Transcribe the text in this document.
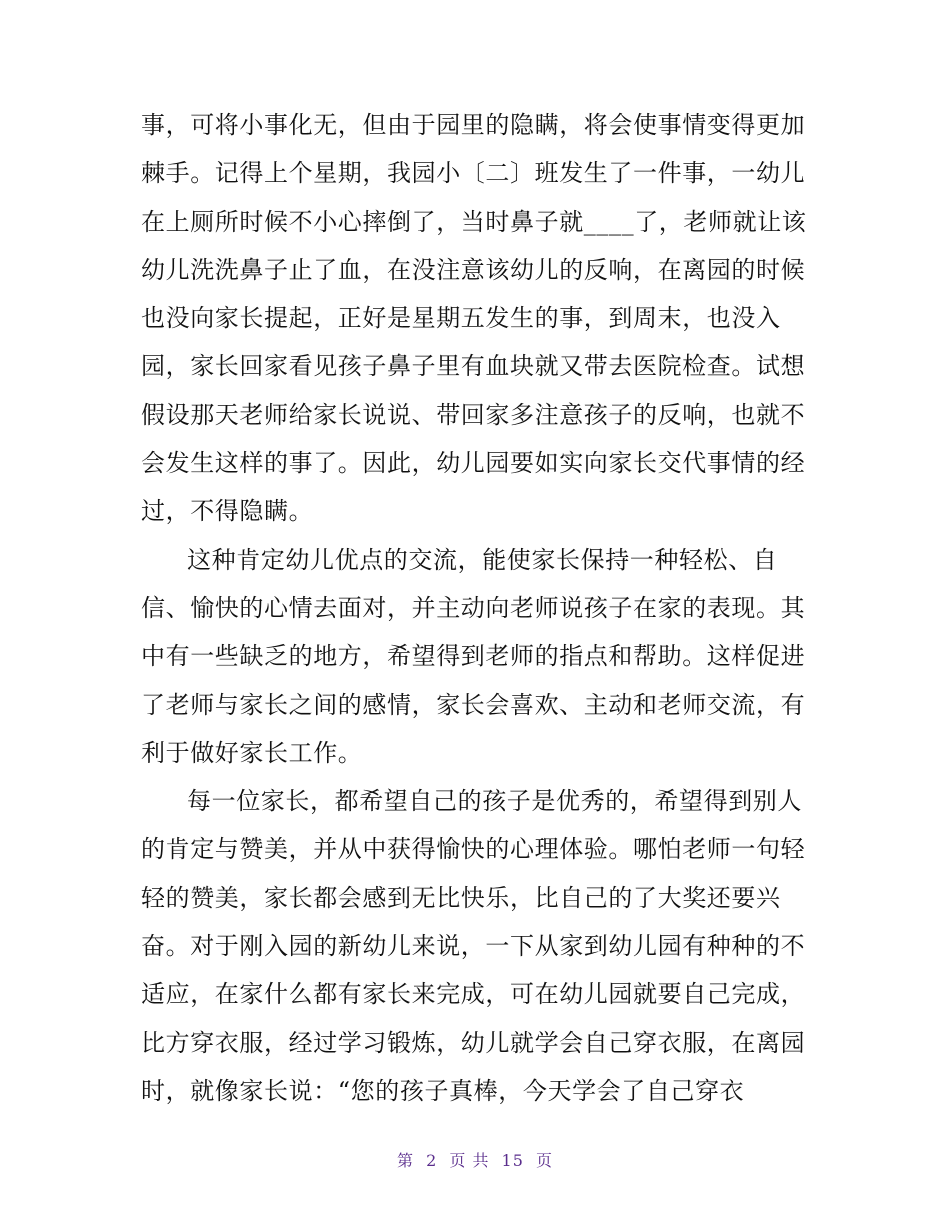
事，可将小事化无，但由于园里的隐瞒，将会使事情变得更加
棘手。记得上个星期，我园小〔二〕班发生了一件事，一幼儿
在上厕所时候不小心摔倒了，当时鼻子就____了，老师就让该
幼儿洗洗鼻子止了血，在没注意该幼儿的反响，在离园的时候
也没向家长提起，正好是星期五发生的事，到周末，也没入
园，家长回家看见孩子鼻子里有血块就又带去医院检查。试想
假设那天老师给家长说说、带回家多注意孩子的反响，也就不
会发生这样的事了。因此，幼儿园要如实向家长交代事情的经
过，不得隐瞒。
这种肯定幼儿优点的交流，能使家长保持一种轻松、自
信、愉快的心情去面对，并主动向老师说孩子在家的表现。其
中有一些缺乏的地方，希望得到老师的指点和帮助。这样促进
了老师与家长之间的感情，家长会喜欢、主动和老师交流，有
利于做好家长工作。
每一位家长，都希望自己的孩子是优秀的，希望得到别人
的肯定与赞美，并从中获得愉快的心理体验。哪怕老师一句轻
轻的赞美，家长都会感到无比快乐，比自己的了大奖还要兴
奋。对于刚入园的新幼儿来说，一下从家到幼儿园有种种的不
适应，在家什么都有家长来完成，可在幼儿园就要自己完成，
比方穿衣服，经过学习锻炼，幼儿就学会自己穿衣服，在离园
时，就像家长说：“您的孩子真棒，今天学会了自己穿衣
第 2 页 共 15 页
